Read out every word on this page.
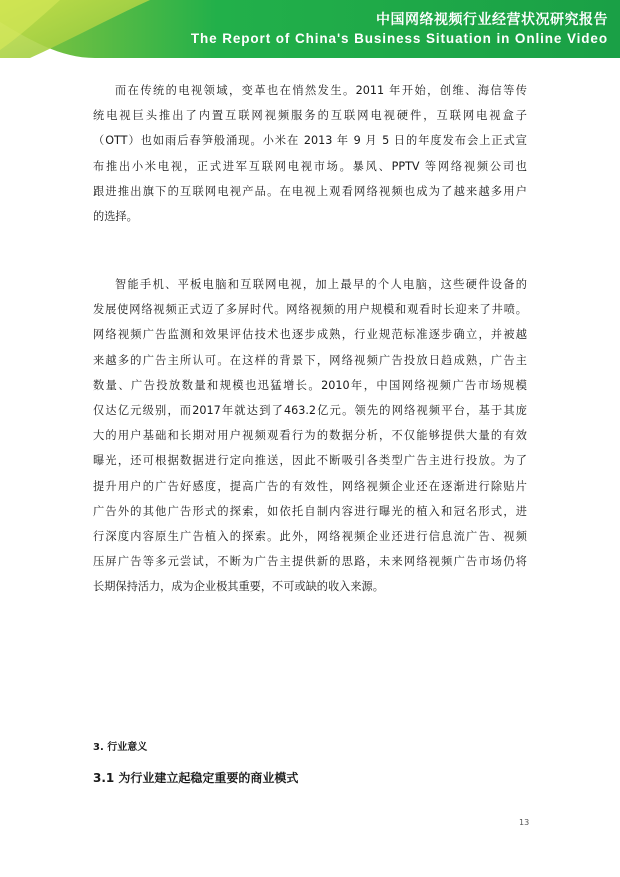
中国网络视频行业经营状况研究报告
The Report of China's Business Situation in Online Video

而在传统的电视领域，变革也在悄然发生。2011 年开始，创维、海信等传

统电视巨头推出了内置互联网视频服务的互联网电视硬件，互联网电视盒子

（OTT）也如雨后春笋般涌现。小米在 2013 年 9 月 5 日的年度发布会上正式宣

布推出小米电视，正式进军互联网电视市场。暴风、PPTV 等网络视频公司也

跟进推出旗下的互联网电视产品。在电视上观看网络视频也成为了越来越多用户

的选择。

智能手机、平板电脑和互联网电视，加上最早的个人电脑，这些硬件设备的

发展使网络视频正式迈了多屏时代。网络视频的用户规模和观看时长迎来了井喷。

网络视频广告监测和效果评估技术也逐步成熟，行业规范标准逐步确立，并被越

来越多的广告主所认可。在这样的背景下，网络视频广告投放日趋成熟，广告主

数量、广告投放数量和规模也迅猛增长。2010年，中国网络视频广告市场规模

仅达亿元级别，而2017年就达到了463.2亿元。领先的网络视频平台，基于其庞

大的用户基础和长期对用户视频观看行为的数据分析，不仅能够提供大量的有效

曝光，还可根据数据进行定向推送，因此不断吸引各类型广告主进行投放。为了

提升用户的广告好感度，提高广告的有效性，网络视频企业还在逐渐进行除贴片

广告外的其他广告形式的探索，如依托自制内容进行曝光的植入和冠名形式，进

行深度内容原生广告植入的探索。此外，网络视频企业还进行信息流广告、视频

压屏广告等多元尝试，不断为广告主提供新的思路，未来网络视频广告市场仍将

长期保持活力，成为企业极其重要，不可或缺的收入来源。

3. 行业意义
3.1 为行业建立起稳定重要的商业模式
13
